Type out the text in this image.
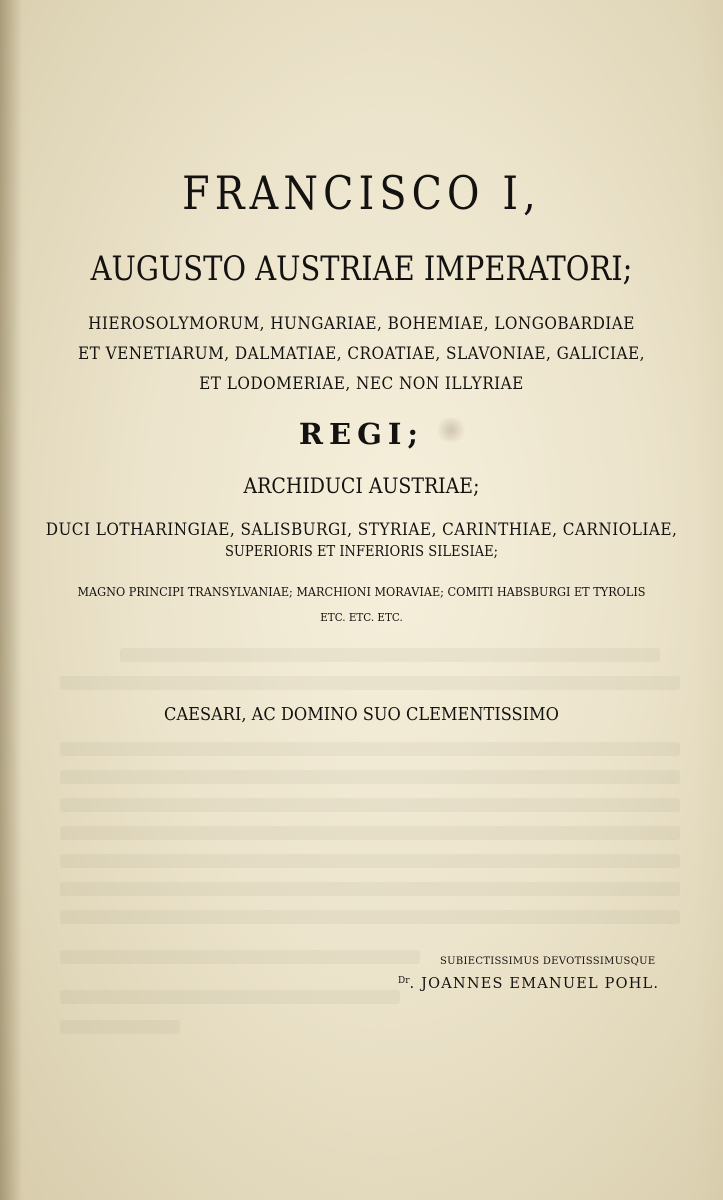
FRANCISCO I,
AUGUSTO AUSTRIAE IMPERATORI;
HIEROSOLYMORUM, HUNGARIAE, BOHEMIAE, LONGOBARDIAE
ET VENETIARUM, DALMATIAE, CROATIAE, SLAVONIAE, GALICIAE,
ET LODOMERIAE, NEC NON ILLYRIAE
REGI;
ARCHIDUCI AUSTRIAE;
DUCI LOTHARINGIAE, SALISBURGI, STYRIAE, CARINTHIAE, CARNIOLIAE,
SUPERIORIS ET INFERIORIS SILESIAE;
MAGNO PRINCIPI TRANSYLVANIAE; MARCHIONI MORAVIAE; COMITI HABSBURGI ET TYROLIS
ETC. ETC. ETC.
CAESARI, AC DOMINO SUO CLEMENTISSIMO
SUBIECTISSIMUS DEVOTISSIMUSQUE
$^{Dr}$. JOANNES EMANUEL POHL.
